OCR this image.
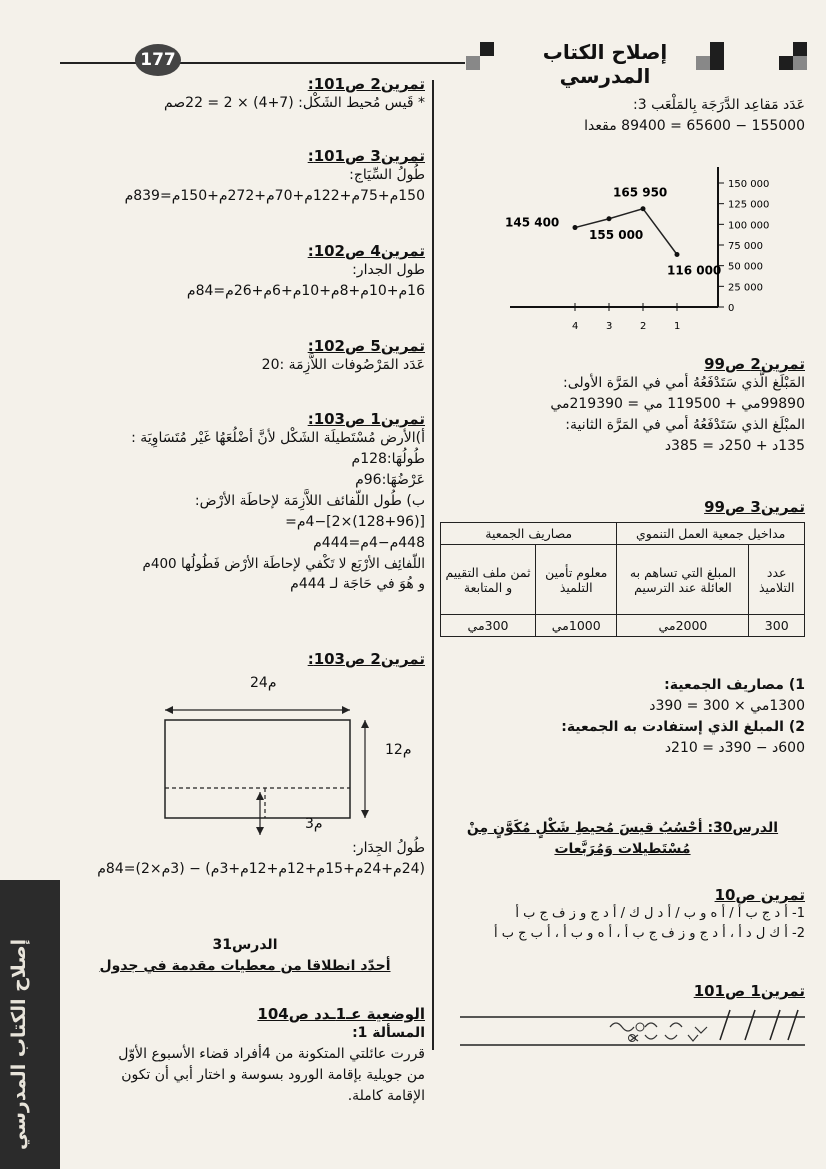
إصلاح الكتاب المدرسي
177
عَدَد مَقاعِد الدَّرَجَة بِالمَلْعَب 3:
155000 − 65600 = 89400 مقعدا
150 000
125 000
100 000
75 000
50 000
25 000
0
4	3	2	1
145 400
155 000
165 950
116 000
تمرين2 ص99
المَبْلَغ الَّذي سَتَدْفَعُهُ أمي في المَرَّة الأولى:
99890مي + 119500 مي = 219390مي
المبْلَغ الذي سَتَدْفَعُهُ أمي في المَرَّة الثانية:
135د + 250د = 385د
تمرين3 ص99
مداخيل جمعية العمل التنموي		مصاريف الجمعية	
عدد التلاميذ	المبلغ التي تساهم به العائلة عند الترسيم	معلوم تأمين التلميذ	ثمن ملف التقييم و المتابعة
300	2000مي	1000مي	300مي
1) مصاريف الجمعية:
1300مي × 300 = 390د
2) المبلغ الذي إستفادت به الجمعية:
600د − 390د = 210د
الدرس30: أحْسُبُ قيسَ مُحيطِ شَكْلٍ مُكَوَّنٍ مِنْ
مُسْتَطيلات وَمُرَبَّعات
تمرين ص10
1- أ د ج ب أ / أ ه و ب / أ د ل ك / أ د ج و ز ف ج ب أ
2- أ ك ل د أ ، أ د ج و ز ف ج ب أ ، أ ه و ب أ ، أ ب ج ب أ
تمرين1 ص101
تمرين2 ص101:
* قَيس مُحيط الشَكْل: (7+4) × 2 = 22صم
تمرين3 ص101:
طُولُ السِّيَاج:
150م+75م+122م+70م+272م+150م=839م
تمرين4 ص102:
طول الجدار:
16م+10م+8م+10م+6م+26م=84م
تمرين5 ص102:
عَدَد المَرْصُوفات اللاَّزِمَة :20
تمرين1 ص103:
أ)الأرض مُسْتَطيلَة الشَكْل لأنَّ أضْلُعَهُا غَيْر مُتَسَاوِيَة :
طُولُهَا:128م
عَرْضُهَا:96م
ب) طُول اللّفائف اللاَّزِمَة لإحاطَة الأرْض:
[(128+96)×2]−4م=
448م−4م=444م
اللّفائِف الأرْبَع لا تَكْفي لإحاطَة الأرْض فَطُولُها 400م
و هُوَ في حَاجَة لـ 444م
تمرين2 ص103:
24م
12م
3م
طُولُ الجِدَار:
(24م+24م+15م+12م+12م+3م) − (3م×2)=84م
الدرس31
أحدّد انطلاقا من معطيات مقدمة في جدول
الوضعية عـ1ـدد ص104
المسألة 1:
قررت عائلتي المتكونة من 4أفراد قضاء الأسبوع الأوّل
من جويلية بإقامة الورود بسوسة و اختار أبي أن تكون
الإقامة كاملة.
إصلاح الكتاب المدرسي
